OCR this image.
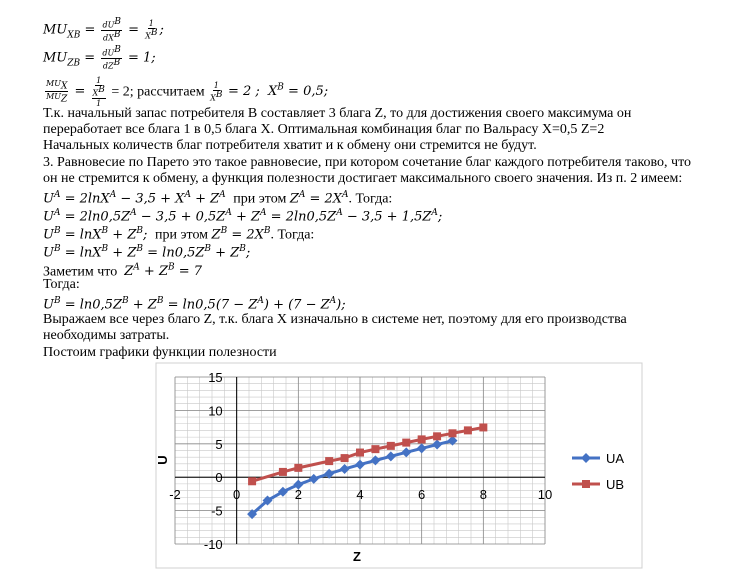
$MU_{XB} = \frac{dU^B}{dX^B} = \frac{1}{X^B}$ ;
$MU_{ZB} = \frac{dU^B}{dZ^B} = 1$;
$\frac{MU_X}{MU_Z} = \frac{\frac{1}{X^B}}{1} = 2$; рассчитаем $\frac{1}{X^B} = 2$ ;  $X^B = 0,5$;
Т.к. начальный запас потребителя B составляет 3 блага Z, то для достижения своего максимума он
переработает все блага 1 в 0,5 блага X. Оптимальная комбинация благ по Вальрасу X=0,5 Z=2
Начальных количеств благ потребителя хватит и к обмену они стремится не будут.
3. Равновесие по Парето это такое равновесие, при котором сочетание благ каждого потребителя таково, что
он не стремится к обмену, а функция полезности достигает максимального своего значения. Из п. 2 имеем:
$U^A = 2\ln X^A - 3,5 + X^A + Z^A$  при этом $Z^A = 2X^A$. Тогда:
$U^A = 2\ln 0,5Z^A - 3,5 + 0,5Z^A + Z^A = 2\ln 0,5Z^A - 3,5 + 1,5Z^A$;
$U^B = \ln X^B + Z^B$;  при этом $Z^B = 2X^B$. Тогда:
$U^B = \ln X^B + Z^B = \ln 0,5Z^B + Z^B$;
Заметим что  $Z^A + Z^B = 7$
Тогда:
$U^B = \ln 0,5Z^B + Z^B = \ln 0,5(7 - Z^A) + (7 - Z^A)$;
Выражаем все через благо Z, т.к. блага X изначально в системе нет, поэтому для его производства
необходимы затраты.
Постоим графики функции полезности
-2	0	2	4	6	8	10
15
10
5
0
-5
-10
Z
U	UA
UB
